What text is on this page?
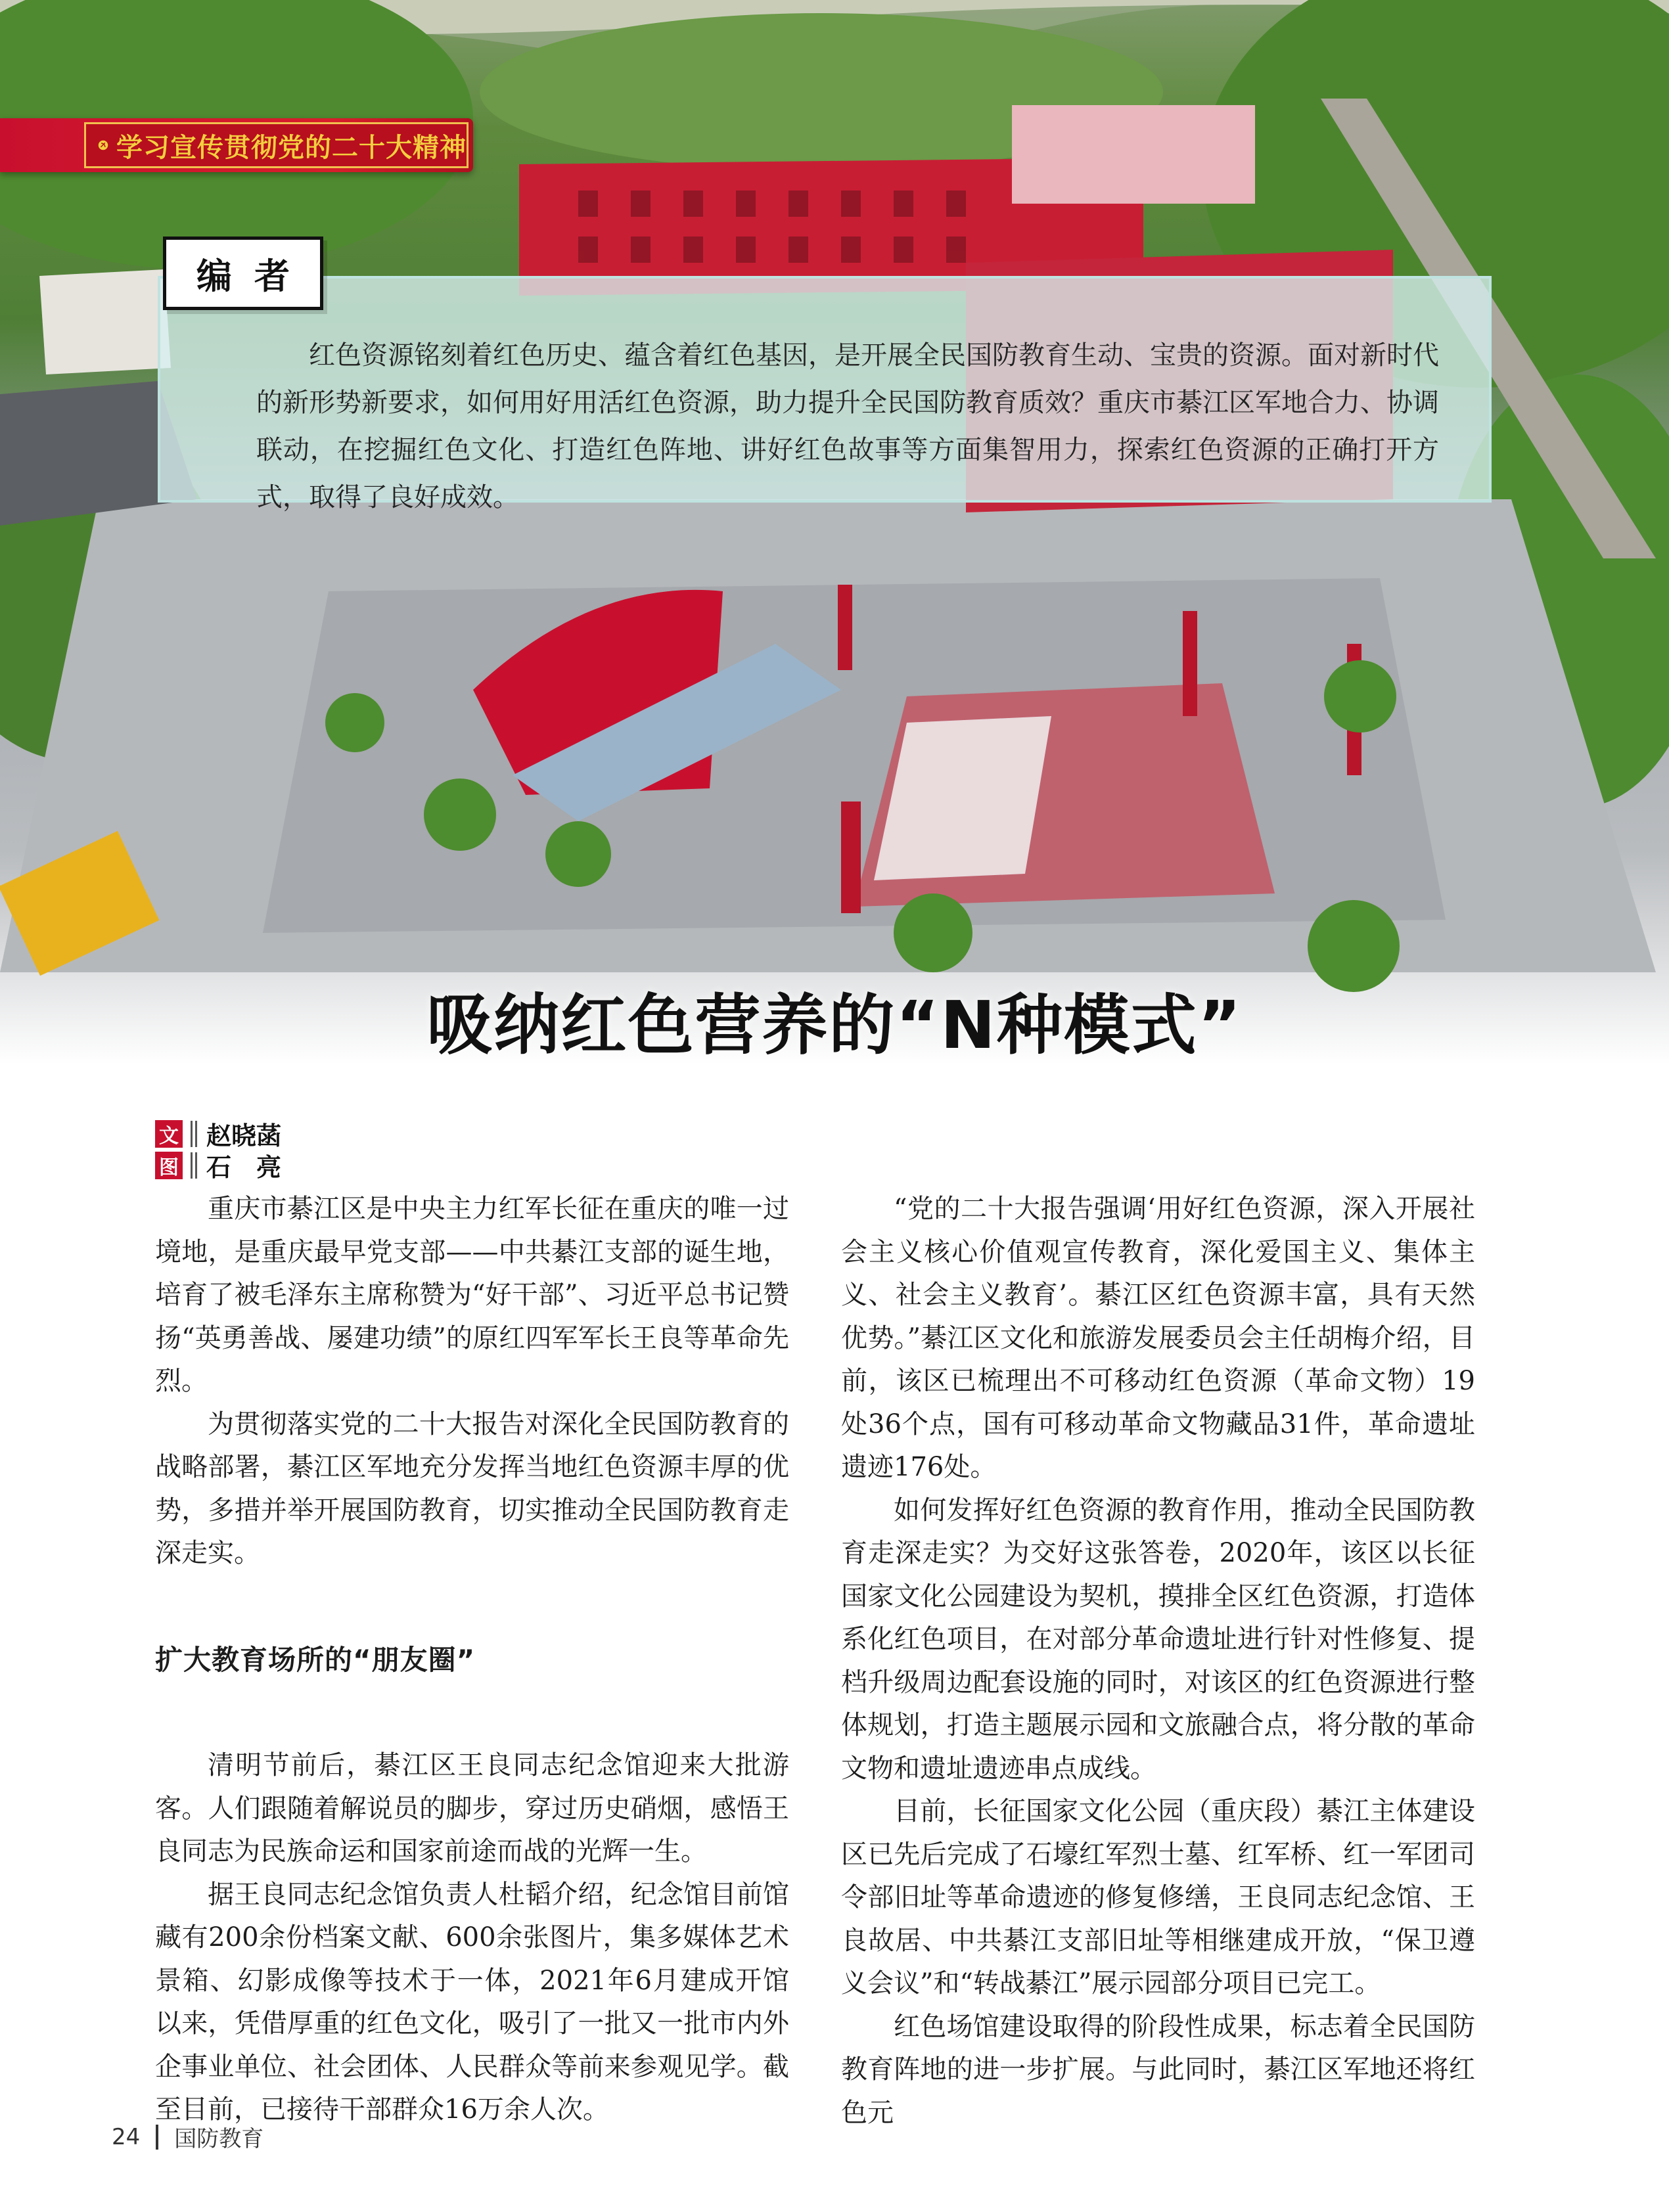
学习宣传贯彻党的二十大精神
编 者
红色资源铭刻着红色历史、蕴含着红色基因，是开展全民国防教育生动、宝贵的资源。面对新时代的新形势新要求，如何用好用活红色资源，助力提升全民国防教育质效？重庆市綦江区军地合力、协调联动，在挖掘红色文化、打造红色阵地、讲好红色故事等方面集智用力，探索红色资源的正确打开方式，取得了良好成效。
吸纳红色营养的“N种模式”
文 赵晓菡
图 石　亮

重庆市綦江区是中央主力红军长征在重庆的唯一过境地，是重庆最早党支部——中共綦江支部的诞生地，培育了被毛泽东主席称赞为“好干部”、习近平总书记赞扬“英勇善战、屡建功绩”的原红四军军长王良等革命先烈。

为贯彻落实党的二十大报告对深化全民国防教育的战略部署，綦江区军地充分发挥当地红色资源丰厚的优势，多措并举开展国防教育，切实推动全民国防教育走深走实。

扩大教育场所的“朋友圈”

清明节前后，綦江区王良同志纪念馆迎来大批游客。人们跟随着解说员的脚步，穿过历史硝烟，感悟王良同志为民族命运和国家前途而战的光辉一生。

据王良同志纪念馆负责人杜韬介绍，纪念馆目前馆藏有200余份档案文献、600余张图片，集多媒体艺术景箱、幻影成像等技术于一体，2021年6月建成开馆以来，凭借厚重的红色文化，吸引了一批又一批市内外企事业单位、社会团体、人民群众等前来参观见学。截至目前，已接待干部群众16万余人次。

“党的二十大报告强调‘用好红色资源，深入开展社会主义核心价值观宣传教育，深化爱国主义、集体主义、社会主义教育’。綦江区红色资源丰富，具有天然优势。”綦江区文化和旅游发展委员会主任胡梅介绍，目前，该区已梳理出不可移动红色资源（革命文物）19处36个点，国有可移动革命文物藏品31件，革命遗址遗迹176处。

如何发挥好红色资源的教育作用，推动全民国防教育走深走实？为交好这张答卷，2020年，该区以长征国家文化公园建设为契机，摸排全区红色资源，打造体系化红色项目，在对部分革命遗址进行针对性修复、提档升级周边配套设施的同时，对该区的红色资源进行整体规划，打造主题展示园和文旅融合点，将分散的革命文物和遗址遗迹串点成线。

目前，长征国家文化公园（重庆段）綦江主体建设区已先后完成了石壕红军烈士墓、红军桥、红一军团司令部旧址等革命遗迹的修复修缮，王良同志纪念馆、王良故居、中共綦江支部旧址等相继建成开放，“保卫遵义会议”和“转战綦江”展示园部分项目已完工。

红色场馆建设取得的阶段性成果，标志着全民国防教育阵地的进一步扩展。与此同时，綦江区军地还将红色元

24 国防教育
